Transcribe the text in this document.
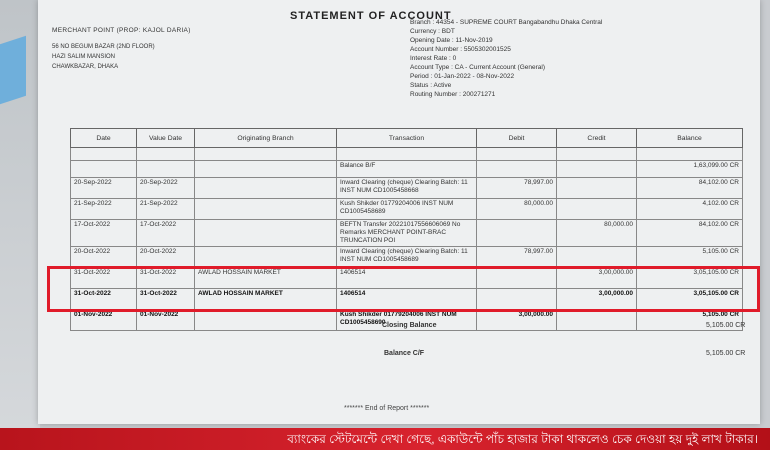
STATEMENT OF ACCOUNT
MERCHANT POINT (PROP: KAJOL DARIA)
56 NO BEGUM BAZAR (2ND FLOOR)
HAZI SALIM MANSION
CHAWKBAZAR, DHAKA
Branch : 44354 - SUPREME COURT Bangabandhu Dhaka Central
Currency : BDT
Opening Date : 11-Nov-2019
Account Number : 5505302001525
Interest Rate : 0
Account Type : CA - Current Account (General)
Period : 01-Jan-2022 - 08-Nov-2022
Status : Active
Routing Number : 200271271
Date	Value Date	Originating Branch	Transaction	Debit	Credit	Balance

			Balance B/F			1,63,099.00 CR
20-Sep-2022	20-Sep-2022		Inward Clearing (cheque) Clearing Batch: 11 INST NUM CD1005458668	78,997.00		84,102.00 CR
21-Sep-2022	21-Sep-2022		Kush Shikder 01779204006 INST NUM CD1005458689	80,000.00		4,102.00 CR
17-Oct-2022	17-Oct-2022		BEFTN Transfer 20221017556606069 No Remarks MERCHANT POINT-BRAC TRUNCATION POI		80,000.00	84,102.00 CR
20-Oct-2022	20-Oct-2022		Inward Clearing (cheque) Clearing Batch: 11 INST NUM CD1005458689	78,997.00		5,105.00 CR
31-Oct-2022	31-Oct-2022	AWLAD HOSSAIN MARKET	1406514		3,00,000.00	3,05,105.00 CR
31-Oct-2022	31-Oct-2022	AWLAD HOSSAIN MARKET	1406514		3,00,000.00	3,05,105.00 CR
01-Nov-2022	01-Nov-2022		Kush Shikder 01779204006 INST NUM CD1005458690	3,00,000.00		5,105.00 CR
Closing Balance	5,105.00 CR
Balance C/F	5,105.00 CR
******* End of Report *******
ব্যাংকের স্টেটমেন্টে দেখা গেছে, একাউন্টে পাঁচ হাজার টাকা থাকলেও চেক দেওয়া হয় দুই লাখ টাকার।
